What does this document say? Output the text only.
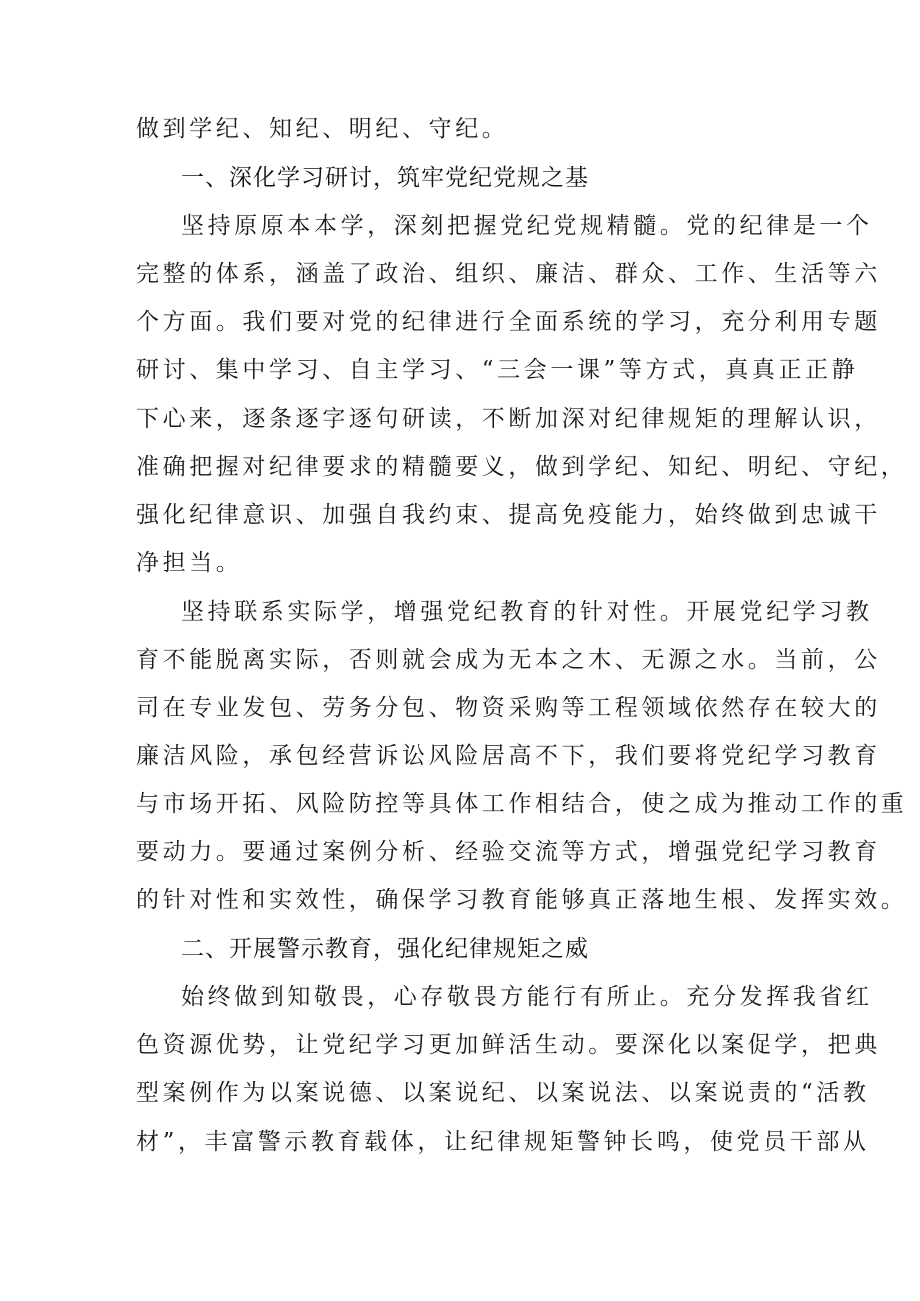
做到学纪、知纪、明纪、守纪。
一、深化学习研讨，筑牢党纪党规之基
坚持原原本本学，深刻把握党纪党规精髓。党的纪律是一个
完整的体系，涵盖了政治、组织、廉洁、群众、工作、生活等六
个方面。我们要对党的纪律进行全面系统的学习，充分利用专题
研讨、集中学习、自主学习、“三会一课”等方式，真真正正静
下心来，逐条逐字逐句研读，不断加深对纪律规矩的理解认识，
准确把握对纪律要求的精髓要义，做到学纪、知纪、明纪、守纪，
强化纪律意识、加强自我约束、提高免疫能力，始终做到忠诚干
净担当。
坚持联系实际学，增强党纪教育的针对性。开展党纪学习教
育不能脱离实际，否则就会成为无本之木、无源之水。当前，公
司在专业发包、劳务分包、物资采购等工程领域依然存在较大的
廉洁风险，承包经营诉讼风险居高不下，我们要将党纪学习教育
与市场开拓、风险防控等具体工作相结合，使之成为推动工作的重
要动力。要通过案例分析、经验交流等方式，增强党纪学习教育
的针对性和实效性，确保学习教育能够真正落地生根、发挥实效。
二、开展警示教育，强化纪律规矩之威
始终做到知敬畏，心存敬畏方能行有所止。充分发挥我省红
色资源优势，让党纪学习更加鲜活生动。要深化以案促学，把典
型案例作为以案说德、以案说纪、以案说法、以案说责的“活教
材”，丰富警示教育载体，让纪律规矩警钟长鸣，使党员干部从
